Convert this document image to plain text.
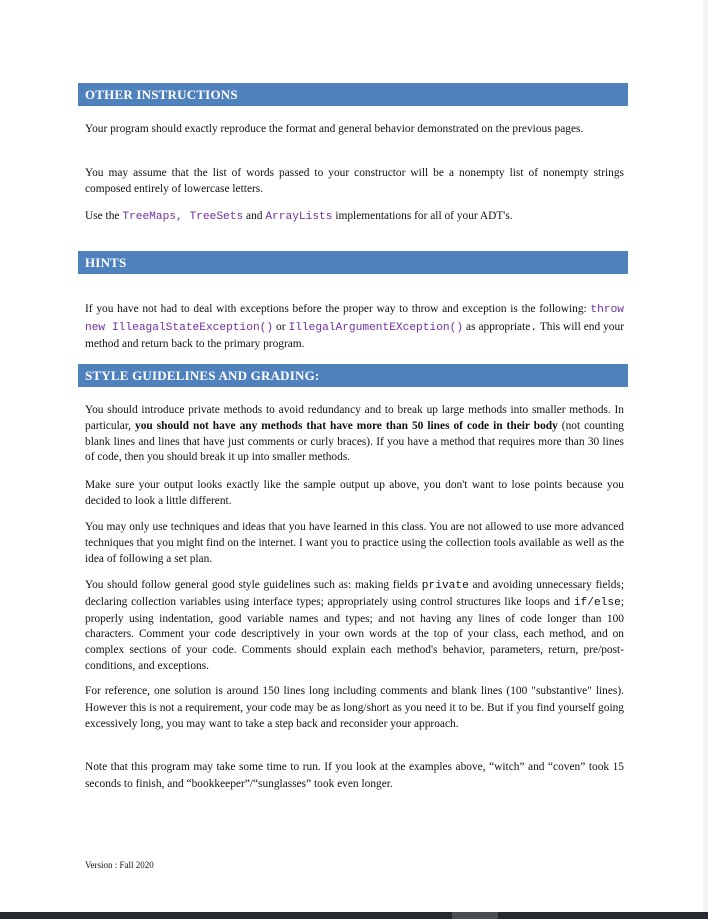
OTHER INSTRUCTIONS

Your program should exactly reproduce the format and general behavior demonstrated on the previous pages.

You may assume that the list of words passed to your constructor will be a nonempty list of nonempty strings composed entirely of lowercase letters.

Use the TreeMaps, TreeSets and ArrayLists implementations for all of your ADT's.

HINTS

If you have not had to deal with exceptions before the proper way to throw and exception is the following: throw new IlleagalStateException() or IllegalArgumentEXception() as appropriate. This will end your method and return back to the primary program.

STYLE GUIDELINES AND GRADING:

You should introduce private methods to avoid redundancy and to break up large methods into smaller methods. In particular, you should not have any methods that have more than 50 lines of code in their body (not counting blank lines and lines that have just comments or curly braces). If you have a method that requires more than 30 lines of code, then you should break it up into smaller methods.

Make sure your output looks exactly like the sample output up above, you don't want to lose points because you decided to look a little different.

You may only use techniques and ideas that you have learned in this class. You are not allowed to use more advanced techniques that you might find on the internet. I want you to practice using the collection tools available as well as the idea of following a set plan.

You should follow general good style guidelines such as: making fields private and avoiding unnecessary fields; declaring collection variables using interface types; appropriately using control structures like loops and if/else; properly using indentation, good variable names and types; and not having any lines of code longer than 100 characters. Comment your code descriptively in your own words at the top of your class, each method, and on complex sections of your code. Comments should explain each method's behavior, parameters, return, pre/post-conditions, and exceptions.

For reference, one solution is around 150 lines long including comments and blank lines (100 "substantive" lines). However this is not a requirement, your code may be as long/short as you need it to be. But if you find yourself going excessively long, you may want to take a step back and reconsider your approach.

Note that this program may take some time to run. If you look at the examples above, “witch” and “coven” took 15 seconds to finish, and “bookkeeper”/“sunglasses” took even longer.

Version : Fall 2020
